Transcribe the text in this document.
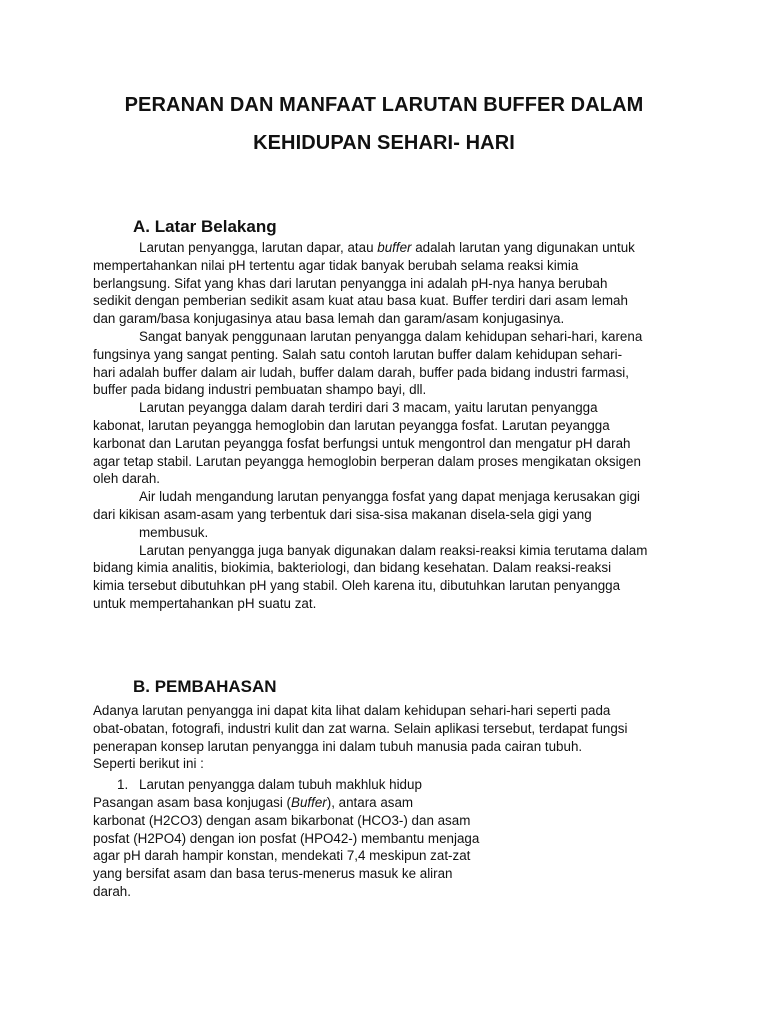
PERANAN DAN MANFAAT LARUTAN BUFFER DALAM
KEHIDUPAN SEHARI- HARI
A. Latar Belakang

Larutan penyangga, larutan dapar, atau buffer adalah larutan yang digunakan untuk
mempertahankan nilai pH tertentu agar tidak banyak berubah selama reaksi kimia
berlangsung. Sifat yang khas dari larutan penyangga ini adalah pH-nya hanya berubah
sedikit dengan pemberian sedikit asam kuat atau basa kuat. Buffer terdiri dari asam lemah
dan garam/basa konjugasinya atau basa lemah dan garam/asam konjugasinya.

Sangat banyak penggunaan larutan penyangga dalam kehidupan sehari-hari, karena
fungsinya yang sangat penting. Salah satu contoh larutan buffer dalam kehidupan sehari-
hari adalah buffer dalam air ludah, buffer dalam darah, buffer pada bidang industri farmasi,
buffer pada bidang industri pembuatan shampo bayi, dll.

Larutan peyangga dalam darah terdiri dari 3 macam, yaitu larutan penyangga
kabonat, larutan peyangga hemoglobin dan larutan peyangga fosfat. Larutan peyangga
karbonat dan Larutan peyangga fosfat berfungsi untuk mengontrol dan mengatur pH darah
agar tetap stabil. Larutan peyangga hemoglobin berperan dalam proses mengikatan oksigen
oleh darah.

Air ludah mengandung larutan penyangga fosfat yang dapat menjaga kerusakan gigi
dari kikisan asam-asam yang terbentuk dari sisa-sisa makanan disela-sela gigi yang
membusuk.

Larutan penyangga juga banyak digunakan dalam reaksi-reaksi kimia terutama dalam
bidang kimia analitis, biokimia, bakteriologi, dan bidang kesehatan. Dalam reaksi-reaksi
kimia tersebut dibutuhkan pH yang stabil. Oleh karena itu, dibutuhkan larutan penyangga
untuk mempertahankan pH suatu zat.

B. PEMBAHASAN
Adanya larutan penyangga ini dapat kita lihat dalam kehidupan sehari-hari seperti pada
obat-obatan, fotografi, industri kulit dan zat warna. Selain aplikasi tersebut, terdapat fungsi
penerapan konsep larutan penyangga ini dalam tubuh manusia pada cairan tubuh.
Seperti berikut ini :
1. Larutan penyangga dalam tubuh makhluk hidup
Pasangan asam basa konjugasi (Buffer), antara asam
karbonat (H2CO3) dengan asam bikarbonat (HCO3-) dan asam
posfat (H2PO4) dengan ion posfat (HPO42-) membantu menjaga
agar pH darah hampir konstan, mendekati 7,4 meskipun zat-zat
yang bersifat asam dan basa terus-menerus masuk ke aliran
darah.
